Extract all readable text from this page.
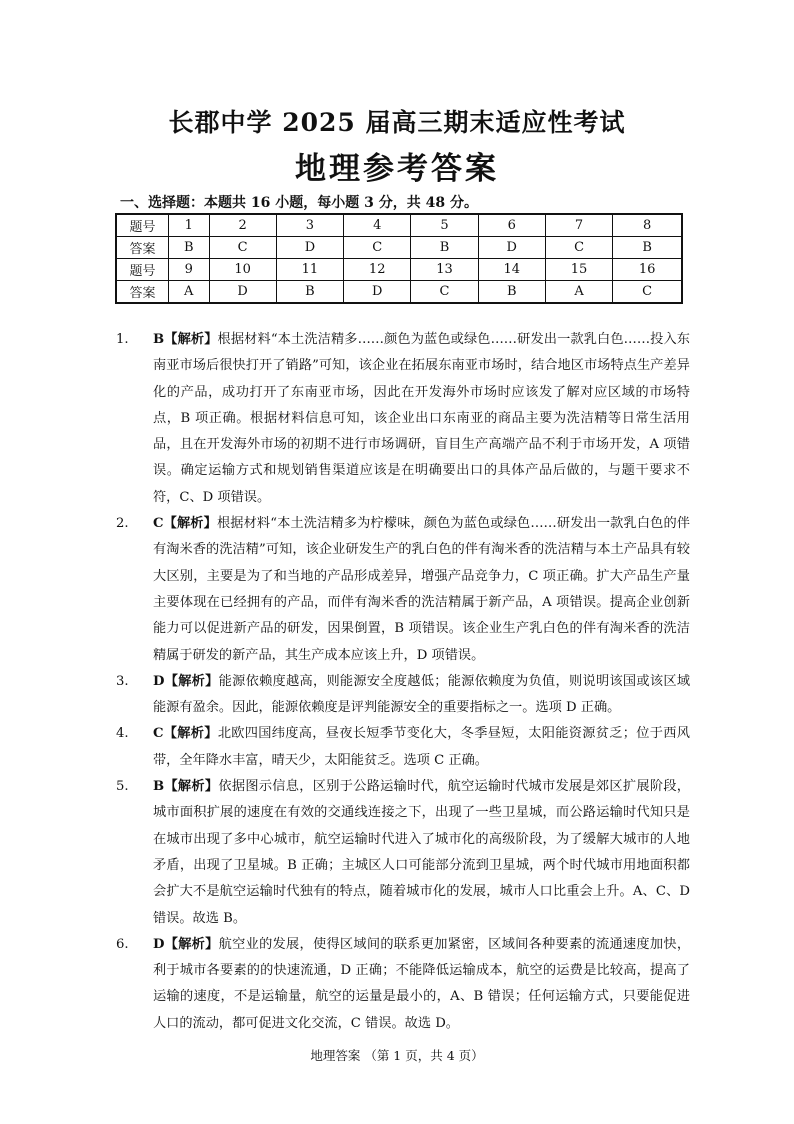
长郡中学 2025 届高三期末适应性考试
地理参考答案
一、选择题：本题共 16 小题，每小题 3 分，共 48 分。
题号	1	2	3	4	5	6	7	8
答案	B	C	D	C	B	D	C	B
题号	9	10	11	12	13	14	15	16
答案	A	D	B	D	C	B	A	C
1. B【解析】根据材料“本土洗洁精多……颜色为蓝色或绿色……研发出一款乳白色……投入东南亚市场后很快打开了销路”可知，该企业在拓展东南亚市场时，结合地区市场特点生产差异化的产品，成功打开了东南亚市场，因此在开发海外市场时应该发了解对应区域的市场特点，B 项正确。根据材料信息可知，该企业出口东南亚的商品主要为洗洁精等日常生活用品，且在开发海外市场的初期不进行市场调研，盲目生产高端产品不利于市场开发，A 项错误。确定运输方式和规划销售渠道应该是在明确要出口的具体产品后做的，与题干要求不符，C、D 项错误。
2. C【解析】根据材料“本土洗洁精多为柠檬味，颜色为蓝色或绿色……研发出一款乳白色的伴有淘米香的洗洁精”可知，该企业研发生产的乳白色的伴有淘米香的洗洁精与本土产品具有较大区别，主要是为了和当地的产品形成差异，增强产品竞争力，C 项正确。扩大产品生产量主要体现在已经拥有的产品，而伴有淘米香的洗洁精属于新产品，A 项错误。提高企业创新能力可以促进新产品的研发，因果倒置，B 项错误。该企业生产乳白色的伴有淘米香的洗洁精属于研发的新产品，其生产成本应该上升，D 项错误。
3. D【解析】能源依赖度越高，则能源安全度越低；能源依赖度为负值，则说明该国或该区域能源有盈余。因此，能源依赖度是评判能源安全的重要指标之一。选项 D 正确。
4. C【解析】北欧四国纬度高，昼夜长短季节变化大，冬季昼短，太阳能资源贫乏；位于西风带，全年降水丰富，晴天少，太阳能贫乏。选项 C 正确。
5. B【解析】依据图示信息，区别于公路运输时代，航空运输时代城市发展是郊区扩展阶段，城市面积扩展的速度在有效的交通线连接之下，出现了一些卫星城，而公路运输时代知只是在城市出现了多中心城市，航空运输时代进入了城市化的高级阶段，为了缓解大城市的人地矛盾，出现了卫星城。B 正确；主城区人口可能部分流到卫星城，两个时代城市用地面积都会扩大不是航空运输时代独有的特点，随着城市化的发展，城市人口比重会上升。A、C、D 错误。故选 B。
6. D【解析】航空业的发展，使得区域间的联系更加紧密，区域间各种要素的流通速度加快，利于城市各要素的的快速流通，D 正确；不能降低运输成本，航空的运费是比较高，提高了运输的速度，不是运输量，航空的运量是最小的，A、B 错误；任何运输方式，只要能促进人口的流动，都可促进文化交流，C 错误。故选 D。
地理答案 （第 1 页，共 4 页）
